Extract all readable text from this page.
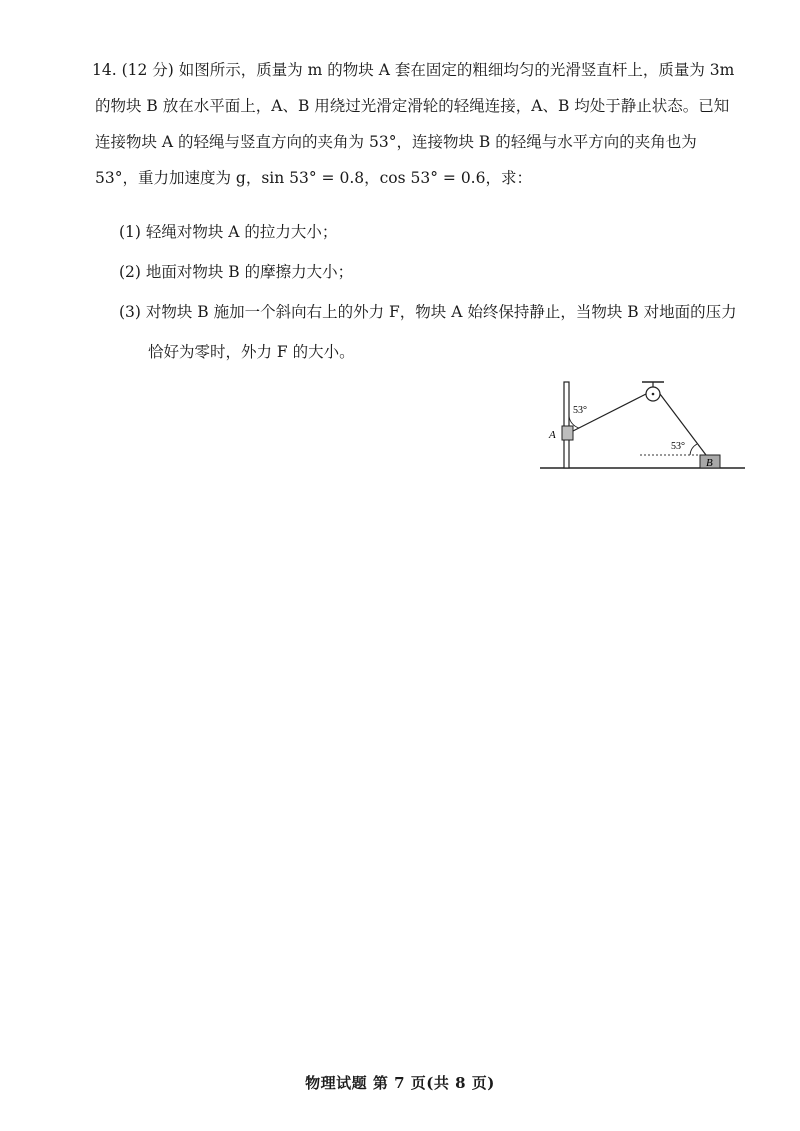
14. (12 分) 如图所示，质量为 m 的物块 A 套在固定的粗细均匀的光滑竖直杆上，质量为 3m
的物块 B 放在水平面上，A、B 用绕过光滑定滑轮的轻绳连接，A、B 均处于静止状态。已知
连接物块 A 的轻绳与竖直方向的夹角为 53°，连接物块 B 的轻绳与水平方向的夹角也为
53°，重力加速度为 g，sin 53° = 0.8，cos 53° = 0.6，求：
(1) 轻绳对物块 A 的拉力大小；
(2) 地面对物块 B 的摩擦力大小；
(3) 对物块 B 施加一个斜向右上的外力 F，物块 A 始终保持静止，当物块 B 对地面的压力
恰好为零时，外力 F 的大小。
A
53°
53°
B
物理试题 第 7 页(共 8 页)
